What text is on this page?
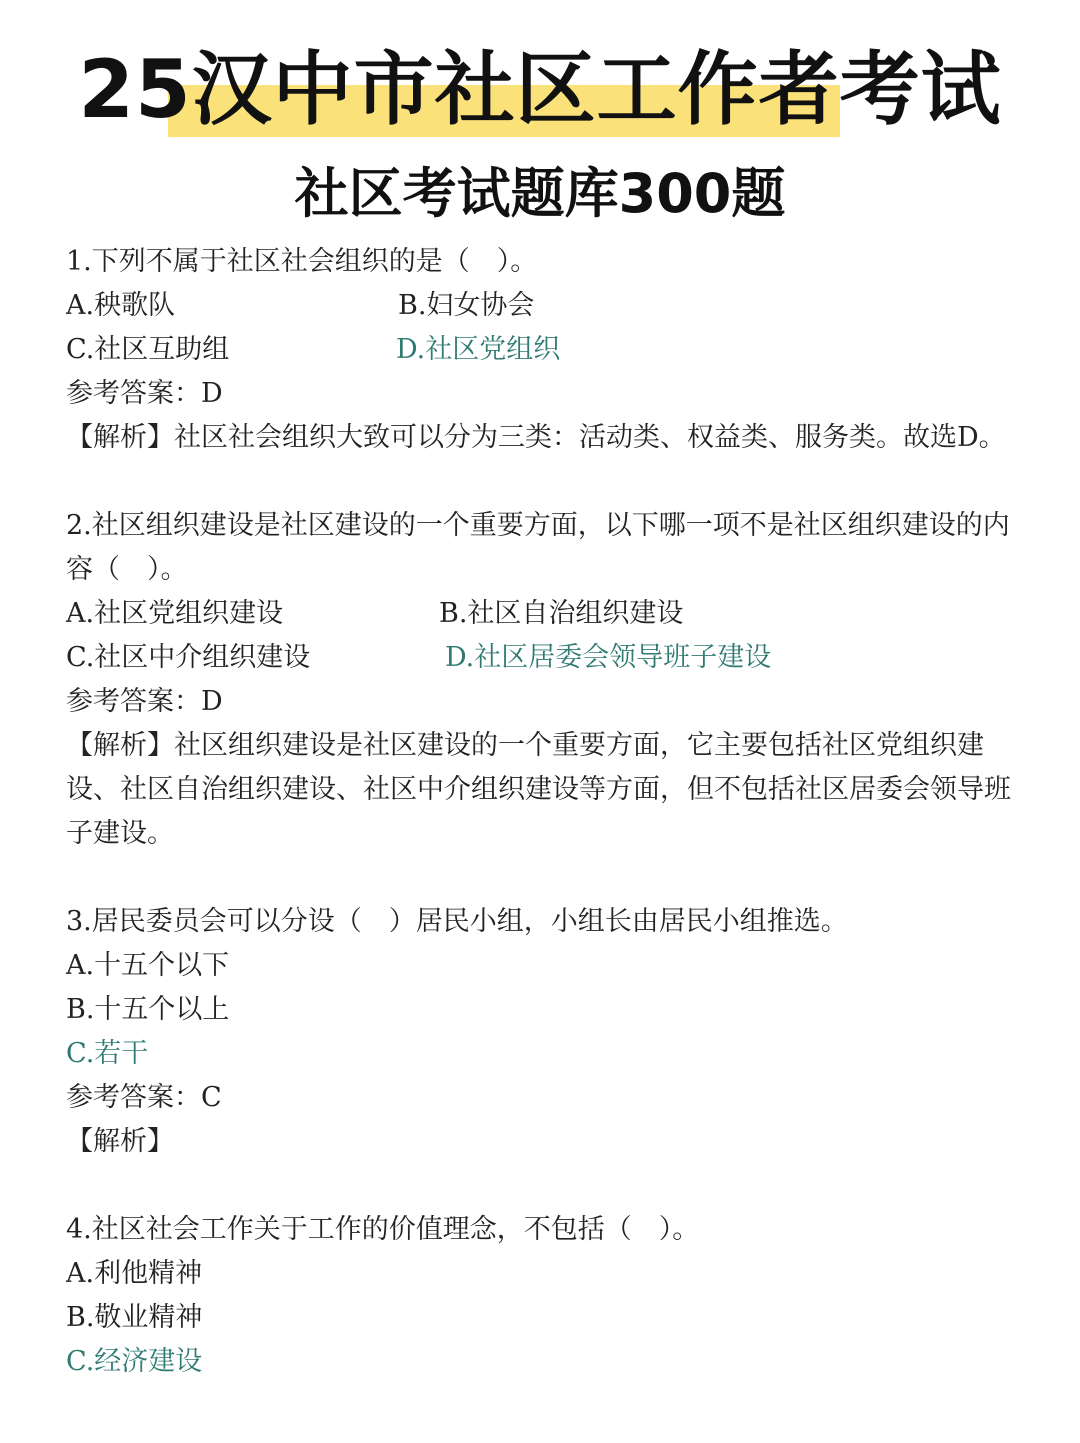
25汉中市社区工作者考试
社区考试题库300题
1.下列不属于社区社会组织的是（　）。
A.秧歌队	B.妇女协会
C.社区互助组	D.社区党组织
参考答案：D
【解析】社区社会组织大致可以分为三类：活动类、权益类、服务类。故选D。
2.社区组织建设是社区建设的一个重要方面，以下哪一项不是社区组织建设的内容（　）。
A.社区党组织建设	B.社区自治组织建设
C.社区中介组织建设	D.社区居委会领导班子建设
参考答案：D
【解析】社区组织建设是社区建设的一个重要方面，它主要包括社区党组织建设、社区自治组织建设、社区中介组织建设等方面，但不包括社区居委会领导班子建设。
3.居民委员会可以分设（　）居民小组，小组长由居民小组推选。
A.十五个以下
B.十五个以上
C.若干
参考答案：C
【解析】
4.社区社会工作关于工作的价值理念，不包括（　）。
A.利他精神
B.敬业精神
C.经济建设
